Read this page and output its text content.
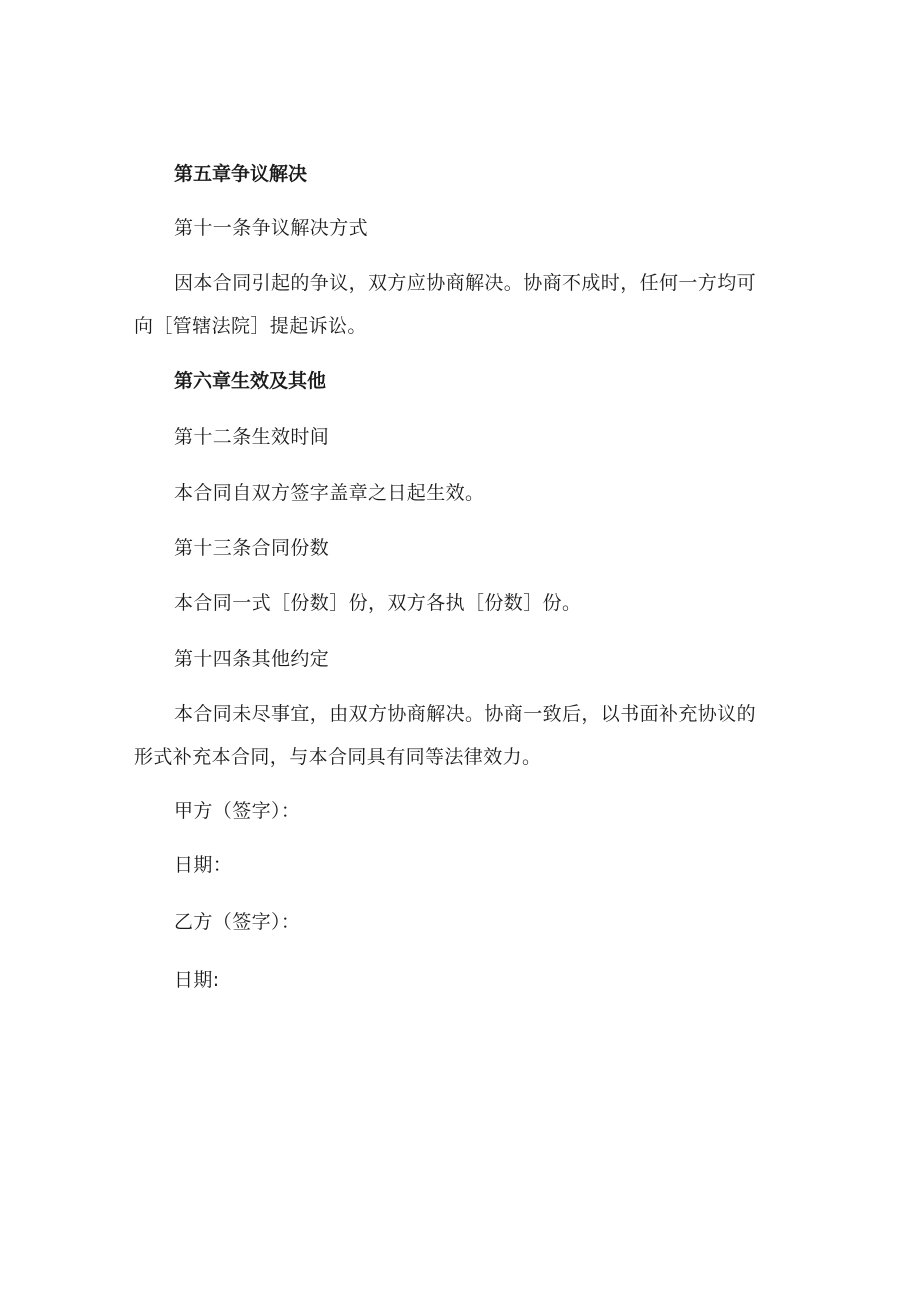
第五章争议解决
第十一条争议解决方式
因本合同引起的争议，双方应协商解决。协商不成时，任何一方均可
向［管辖法院］提起诉讼。
第六章生效及其他
第十二条生效时间
本合同自双方签字盖章之日起生效。
第十三条合同份数
本合同一式［份数］份，双方各执［份数］份。
第十四条其他约定
本合同未尽事宜，由双方协商解决。协商一致后，以书面补充协议的
形式补充本合同，与本合同具有同等法律效力。
甲方（签字）：
日期：
乙方（签字）：
日期:
